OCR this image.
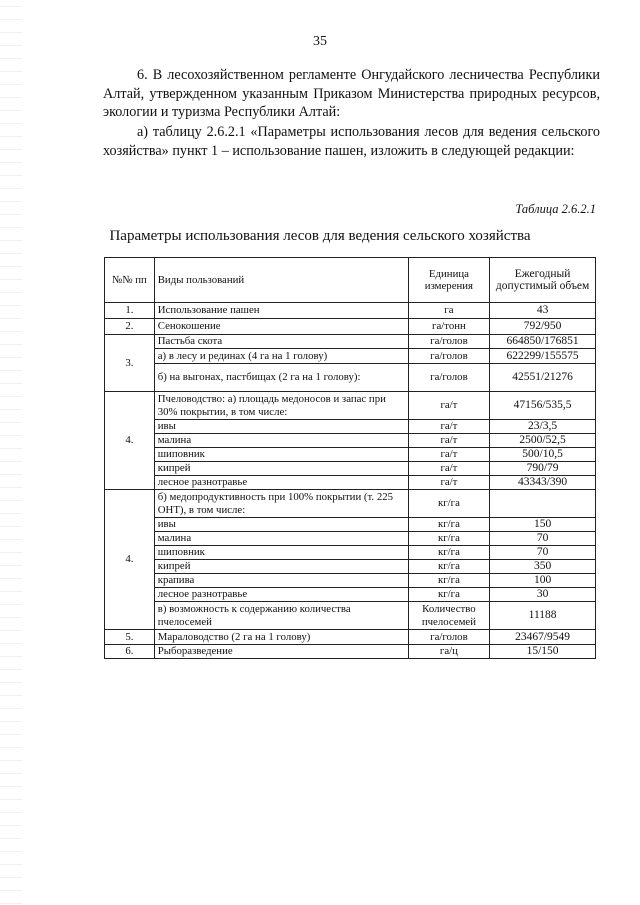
35
6. В лесохозяйственном регламенте Онгудайского лесничества Республики Алтай, утвержденном указанным Приказом Министерства природных ресурсов, экологии и туризма Республики Алтай:
а) таблицу 2.6.2.1 «Параметры использования лесов для ведения сельского хозяйства» пункт 1 – использование пашен, изложить в следующей редакции:
Таблица 2.6.2.1
Параметры использования лесов для ведения сельского хозяйства
№№ пп	Виды пользований	Единица измерения	Ежегодный допустимый объем
1.	Использование пашен	га	43
2.	Сенокошение	га/тонн	792/950
3.	Пастьба скота	га/голов	664850/176851
	а) в лесу и рединах (4 га на 1 голову)	га/голов	622299/155575
	б) на выгонах, пастбищах (2 га на 1 голову):	га/голов	42551/21276
4.	Пчеловодство: а) площадь медоносов и запас при 30% покрытии, в том числе:	га/т	47156/535,5
	ивы	га/т	23/3,5
	малина	га/т	2500/52,5
	шиповник	га/т	500/10,5
	кипрей	га/т	790/79
	лесное разнотравье	га/т	43343/390
4.	б) медопродуктивность при 100% покрытии (т. 225 ОНТ), в том числе:	кг/га	
	ивы	кг/га	150
	малина	кг/га	70
	шиповник	кг/га	70
	кипрей	кг/га	350
	крапива	кг/га	100
	лесное разнотравье	кг/га	30
	в) возможность к содержанию количества пчелосемей	Количество пчелосемей	11188
5.	Мараловодство (2 га на 1 голову)	га/голов	23467/9549
6.	Рыборазведение	га/ц	15/150
